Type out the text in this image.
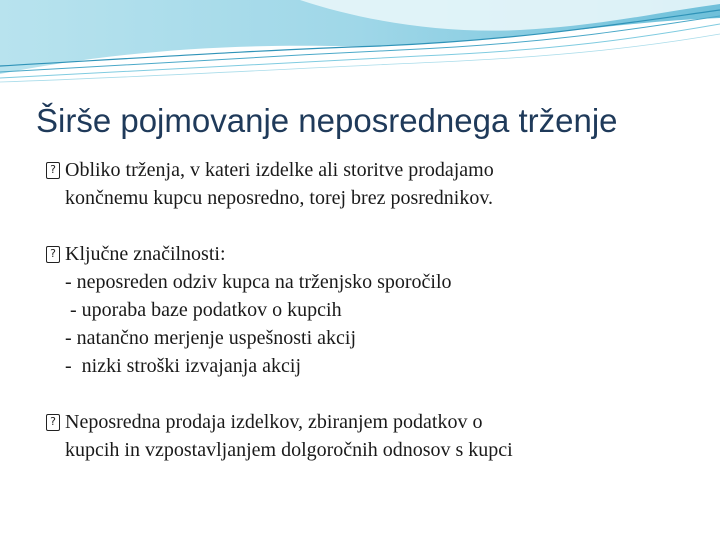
Širše pojmovanje neposrednega trženje
? Obliko trženja, v kateri izdelke ali storitve prodajamo
končnemu kupcu neposredno, torej brez posrednikov.
? Ključne značilnosti:
- neposreden odziv kupca na trženjsko sporočilo
- uporaba baze podatkov o kupcih
- natančno merjenje uspešnosti akcij
-  nizki stroški izvajanja akcij
? Neposredna prodaja izdelkov, zbiranjem podatkov o
kupcih in vzpostavljanjem dolgoročnih odnosov s kupci
